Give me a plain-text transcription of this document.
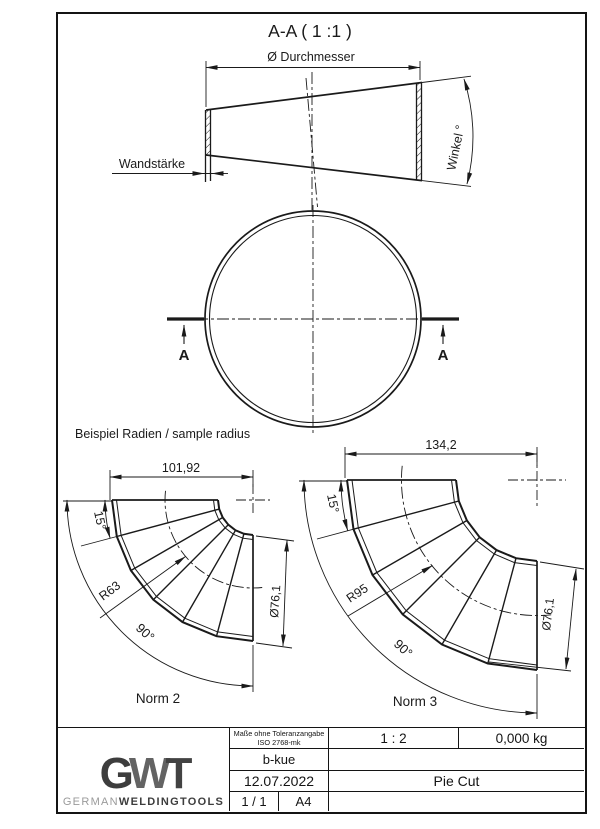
A-A ( 1 :1 )
Ø Durchmesser
Wandstärke	Winkel °
A	A
Beispiel Radien / sample radius
101,92
15°
R63
90°
Ø76,1
Norm 2
134,2
15°
R95
90°
Ø76,1
Norm 3
GWT
GERMANWELDINGTOOLS
Maße ohne Toleranzangabe
ISO 2768-mk
b-kue
12.07.2022
1 / 1	A4
1 : 2	0,000 kg
Pie Cut
